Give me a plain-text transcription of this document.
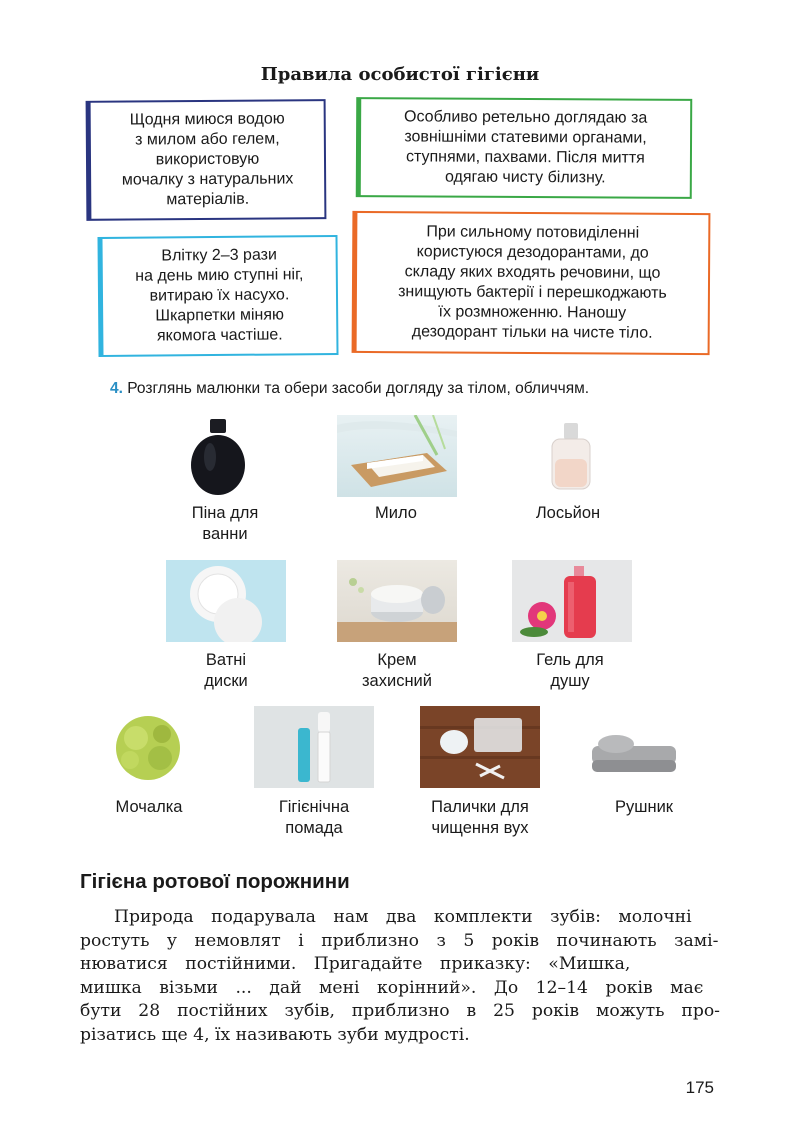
Правила особистої гігієни
Щодня миюся водою
з милом або гелем,
використовую
мочалку з натуральних
матеріалів.
Особливо ретельно доглядаю за
зовнішніми статевими органами,
ступнями, пахвами. Після миття
одягаю чисту білизну.
Влітку 2–3 рази
на день мию ступні ніг,
витираю їх насухо.
Шкарпетки міняю
якомога частіше.
При сильному потовиділенні
користуюся дезодорантами, до
складу яких входять речовини, що
знищують бактерії і перешкоджають
їх розмноженню. Наношу
дезодорант тільки на чисте тіло.
4. Розглянь малюнки та обери засоби догляду за тілом, обличчям.
Піна для
ванни
Мило	Лосьйон
Ватні
диски
Крем
захисний
Гель для
душу
Мочалка	Гігієнічна
помада
Палички для
чищення вух
Рушник
Гігієна ротової порожнини
Природа подарувала нам два комплекти зубів: молочні
ростуть у немовлят і приблизно з 5 років починають замі-
нюватися постійними. Пригадайте приказку: «Мишка,
мишка візьми ... дай мені корінний». До 12–14 років має
бути 28 постійних зубів, приблизно в 25 років можуть про-
різатись ще 4, їх називають зуби мудрості.
175
